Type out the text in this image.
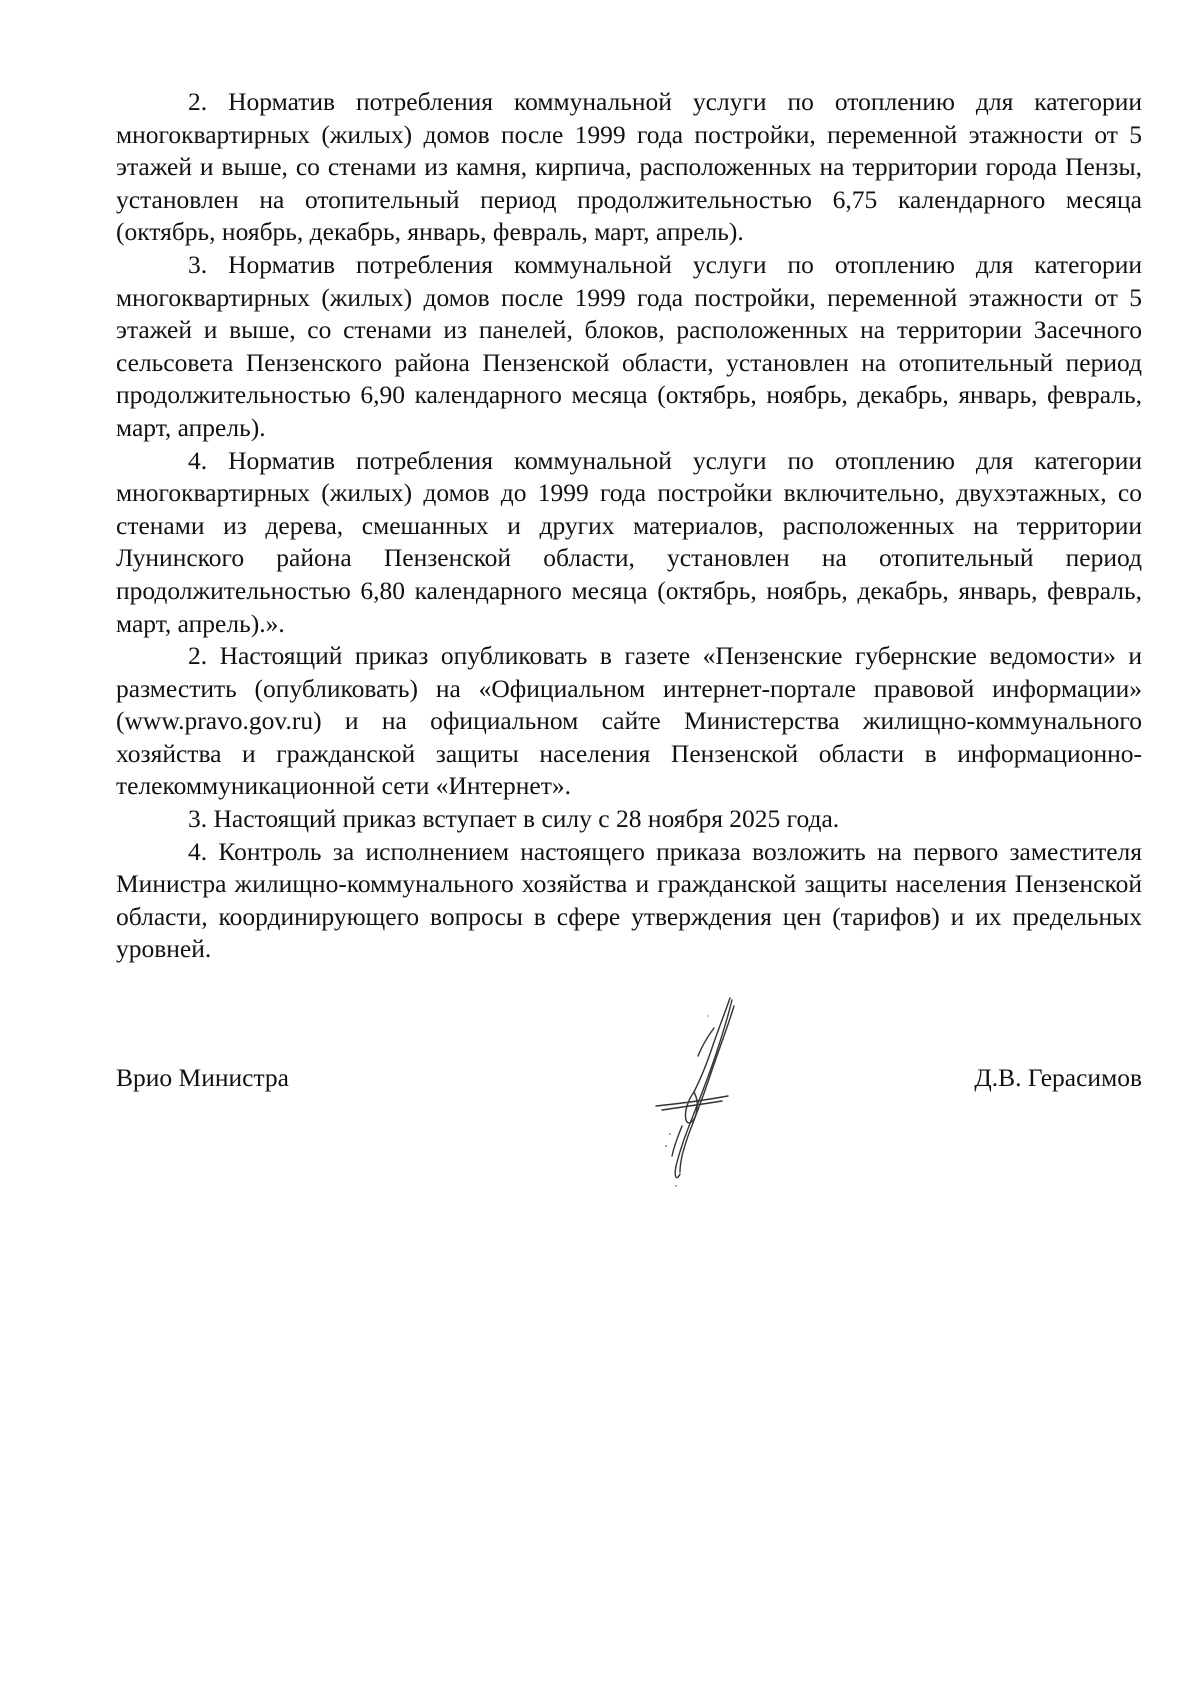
2. Норматив потребления коммунальной услуги по отоплению для категории многоквартирных (жилых) домов после 1999 года постройки, переменной этажности от 5 этажей и выше, со стенами из камня, кирпича, расположенных на территории города Пензы, установлен на отопительный период продолжительностью 6,75 календарного месяца (октябрь, ноябрь, декабрь, январь, февраль, март, апрель).

3. Норматив потребления коммунальной услуги по отоплению для категории многоквартирных (жилых) домов после 1999 года постройки, переменной этажности от 5 этажей и выше, со стенами из панелей, блоков, расположенных на территории Засечного сельсовета Пензенского района Пензенской области, установлен на отопительный период продолжительностью 6,90 календарного месяца (октябрь, ноябрь, декабрь, январь, февраль, март, апрель).

4. Норматив потребления коммунальной услуги по отоплению для категории многоквартирных (жилых) домов до 1999 года постройки включительно, двухэтажных, со стенами из дерева, смешанных и других материалов, расположенных на территории Лунинского района Пензенской области, установлен на отопительный период продолжительностью 6,80 календарного месяца (октябрь, ноябрь, декабрь, январь, февраль, март, апрель).».

2. Настоящий приказ опубликовать в газете «Пензенские губернские ведомости» и разместить (опубликовать) на «Официальном интернет-портале правовой информации» (www.pravo.gov.ru) и на официальном сайте Министерства жилищно-коммунального хозяйства и гражданской защиты населения Пензенской области в информационно-телекоммуникационной сети «Интернет».

3. Настоящий приказ вступает в силу с 28 ноября 2025 года.

4. Контроль за исполнением настоящего приказа возложить на первого заместителя Министра жилищно-коммунального хозяйства и гражданской защиты населения Пензенской области, координирующего вопросы в сфере утверждения цен (тарифов) и их предельных уровней.

Врио Министра	Д.В. Герасимов
